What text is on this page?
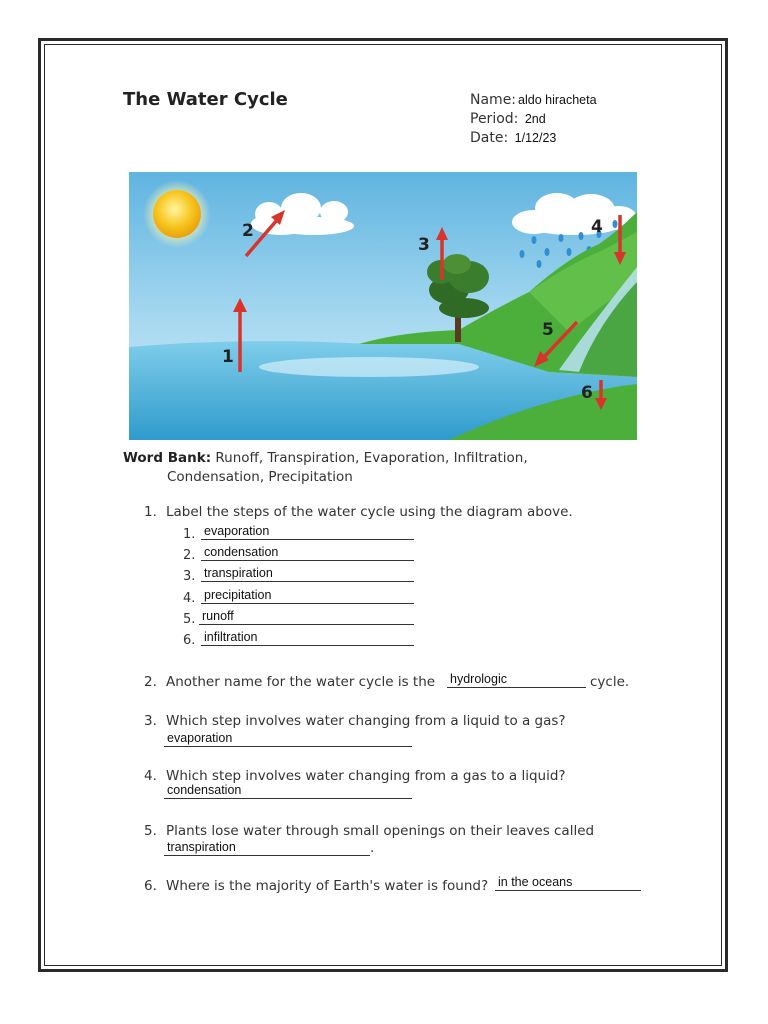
The Water Cycle	Name: aldo hiracheta
Period: 2nd
Date: 1/12/23
1
2
3
4
5
6
Word Bank: Runoff, Transpiration, Evaporation, Infiltration,
Condensation, Precipitation
1. Label the steps of the water cycle using the diagram above.
1. evaporation
2. condensation
3. transpiration
4. precipitation
5. runoff
6. infiltration
2. Another name for the water cycle is the hydrologic	cycle.
3. Which step involves water changing from a liquid to a gas?
evaporation
4. Which step involves water changing from a gas to a liquid?
condensation
5. Plants lose water through small openings on their leaves called
transpiration	.
6. Where is the majority of Earth's water is found? in the oceans
